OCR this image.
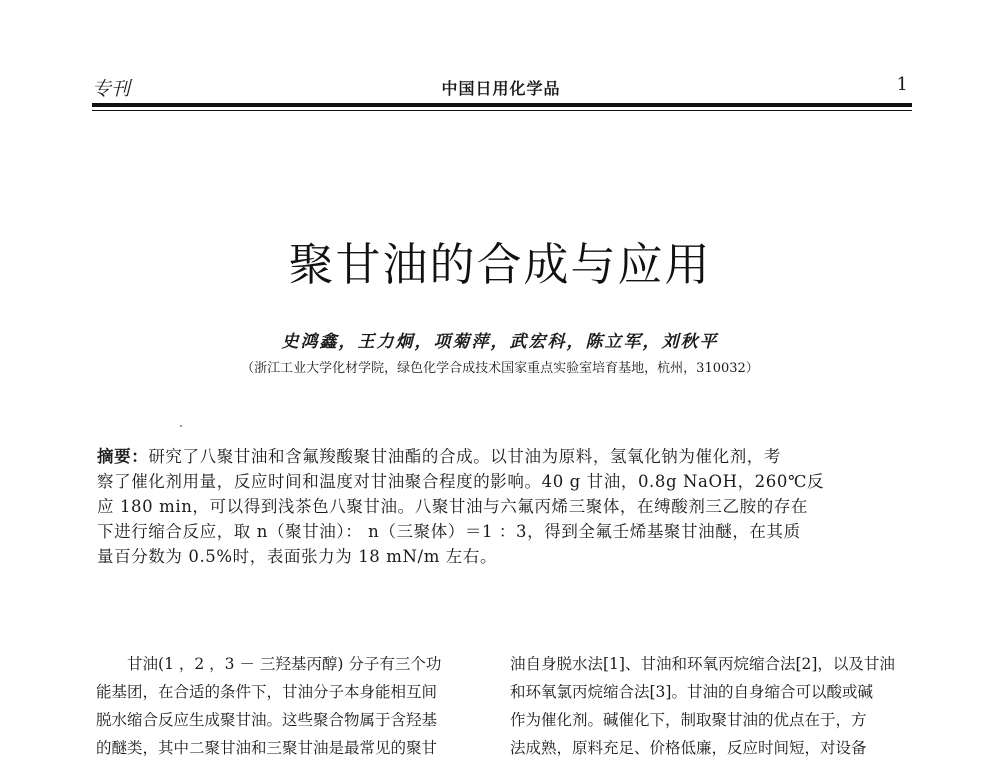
专刊	中国日用化学品	1
聚甘油的合成与应用
史鸿鑫，王力炯，项菊萍，武宏科，陈立军，刘秋平
（浙江工业大学化材学院，绿色化学合成技术国家重点实验室培育基地，杭州，310032）
摘要：研究了八聚甘油和含氟羧酸聚甘油酯的合成。以甘油为原料，氢氧化钠为催化剂，考
察了催化剂用量，反应时间和温度对甘油聚合程度的影响。40 g 甘油，0.8g NaOH，260℃反
应 180 min，可以得到浅茶色八聚甘油。八聚甘油与六氟丙烯三聚体，在缚酸剂三乙胺的存在
下进行缩合反应，取 n（聚甘油）： n（三聚体）＝1 ：3，得到全氟壬烯基聚甘油醚，在其质
量百分数为 0.5%时，表面张力为 18 mN/m 左右。
　　甘油(1 ，2 ，3 － 三羟基丙醇) 分子有三个功
能基团，在合适的条件下，甘油分子本身能相互间
脱水缩合反应生成聚甘油。这些聚合物属于含羟基
的醚类，其中二聚甘油和三聚甘油是最常见的聚甘
油自身脱水法[1]、甘油和环氧丙烷缩合法[2]，以及甘油
和环氧氯丙烷缩合法[3]。甘油的自身缩合可以酸或碱
作为催化剂。碱催化下，制取聚甘油的优点在于，方
法成熟，原料充足、价格低廉，反应时间短，对设备
